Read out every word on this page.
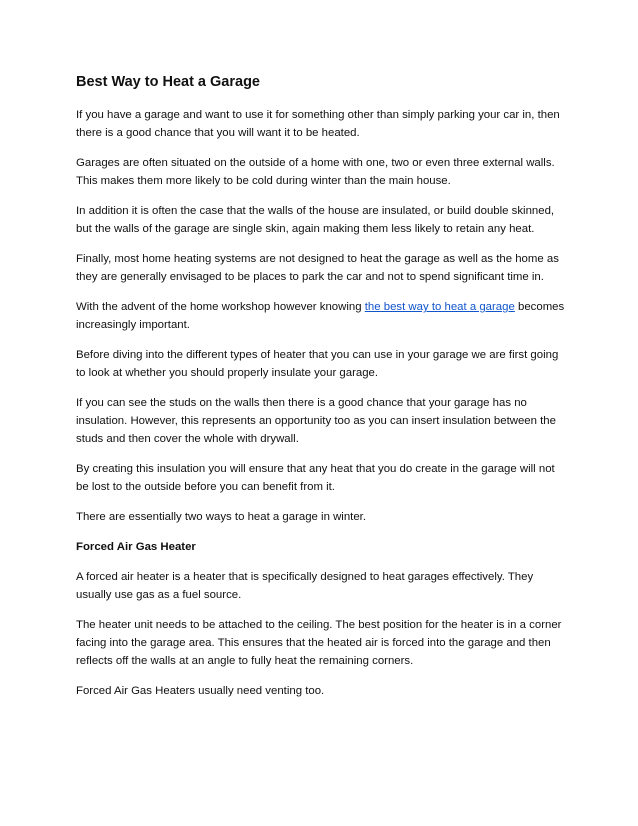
Best Way to Heat a Garage

If you have a garage and want to use it for something other than simply parking your car in, then there is a good chance that you will want it to be heated.

Garages are often situated on the outside of a home with one, two or even three external walls. This makes them more likely to be cold during winter than the main house.

In addition it is often the case that the walls of the house are insulated, or build double skinned, but the walls of the garage are single skin, again making them less likely to retain any heat.

Finally, most home heating systems are not designed to heat the garage as well as the home as they are generally envisaged to be places to park the car and not to spend significant time in.

With the advent of the home workshop however knowing the best way to heat a garage becomes increasingly important.

Before diving into the different types of heater that you can use in your garage we are first going to look at whether you should properly insulate your garage.

If you can see the studs on the walls then there is a good chance that your garage has no insulation. However, this represents an opportunity too as you can insert insulation between the studs and then cover the whole with drywall.

By creating this insulation you will ensure that any heat that you do create in the garage will not be lost to the outside before you can benefit from it.

There are essentially two ways to heat a garage in winter.

Forced Air Gas Heater

A forced air heater is a heater that is specifically designed to heat garages effectively. They usually use gas as a fuel source.

The heater unit needs to be attached to the ceiling. The best position for the heater is in a corner facing into the garage area. This ensures that the heated air is forced into the garage and then reflects off the walls at an angle to fully heat the remaining corners.

Forced Air Gas Heaters usually need venting too.
